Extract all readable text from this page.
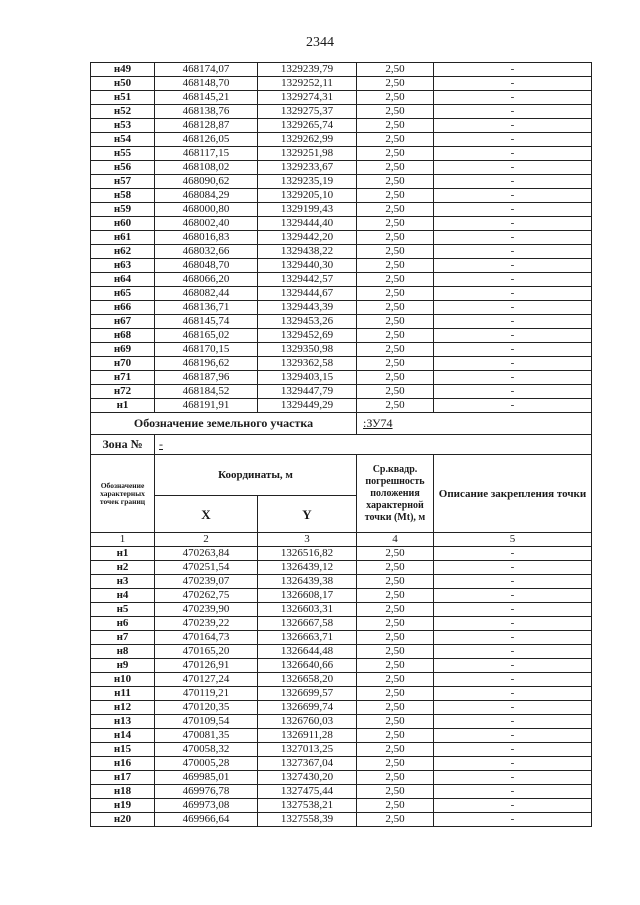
2344
н49	468174,07	1329239,79	2,50	-
н50	468148,70	1329252,11	2,50	-
н51	468145,21	1329274,31	2,50	-
н52	468138,76	1329275,37	2,50	-
н53	468128,87	1329265,74	2,50	-
н54	468126,05	1329262,99	2,50	-
н55	468117,15	1329251,98	2,50	-
н56	468108,02	1329233,67	2,50	-
н57	468090,62	1329235,19	2,50	-
н58	468084,29	1329205,10	2,50	-
н59	468000,80	1329199,43	2,50	-
н60	468002,40	1329444,40	2,50	-
н61	468016,83	1329442,20	2,50	-
н62	468032,66	1329438,22	2,50	-
н63	468048,70	1329440,30	2,50	-
н64	468066,20	1329442,57	2,50	-
н65	468082,44	1329444,67	2,50	-
н66	468136,71	1329443,39	2,50	-
н67	468145,74	1329453,26	2,50	-
н68	468165,02	1329452,69	2,50	-
н69	468170,15	1329350,98	2,50	-
н70	468196,62	1329362,58	2,50	-
н71	468187,96	1329403,15	2,50	-
н72	468184,52	1329447,79	2,50	-
н1	468191,91	1329449,29	2,50	-
Обозначение земельного участка			:ЗУ74	
Зона №	-			
Обозначение характерных точек границ	Координаты, м		Ср.квадр. погрешность положения характерной точки (Mt), м	Описание закрепления точки
	X	Y		
1	2	3	4	5
н1	470263,84	1326516,82	2,50	-
н2	470251,54	1326439,12	2,50	-
н3	470239,07	1326439,38	2,50	-
н4	470262,75	1326608,17	2,50	-
н5	470239,90	1326603,31	2,50	-
н6	470239,22	1326667,58	2,50	-
н7	470164,73	1326663,71	2,50	-
н8	470165,20	1326644,48	2,50	-
н9	470126,91	1326640,66	2,50	-
н10	470127,24	1326658,20	2,50	-
н11	470119,21	1326699,57	2,50	-
н12	470120,35	1326699,74	2,50	-
н13	470109,54	1326760,03	2,50	-
н14	470081,35	1326911,28	2,50	-
н15	470058,32	1327013,25	2,50	-
н16	470005,28	1327367,04	2,50	-
н17	469985,01	1327430,20	2,50	-
н18	469976,78	1327475,44	2,50	-
н19	469973,08	1327538,21	2,50	-
н20	469966,64	1327558,39	2,50	-
